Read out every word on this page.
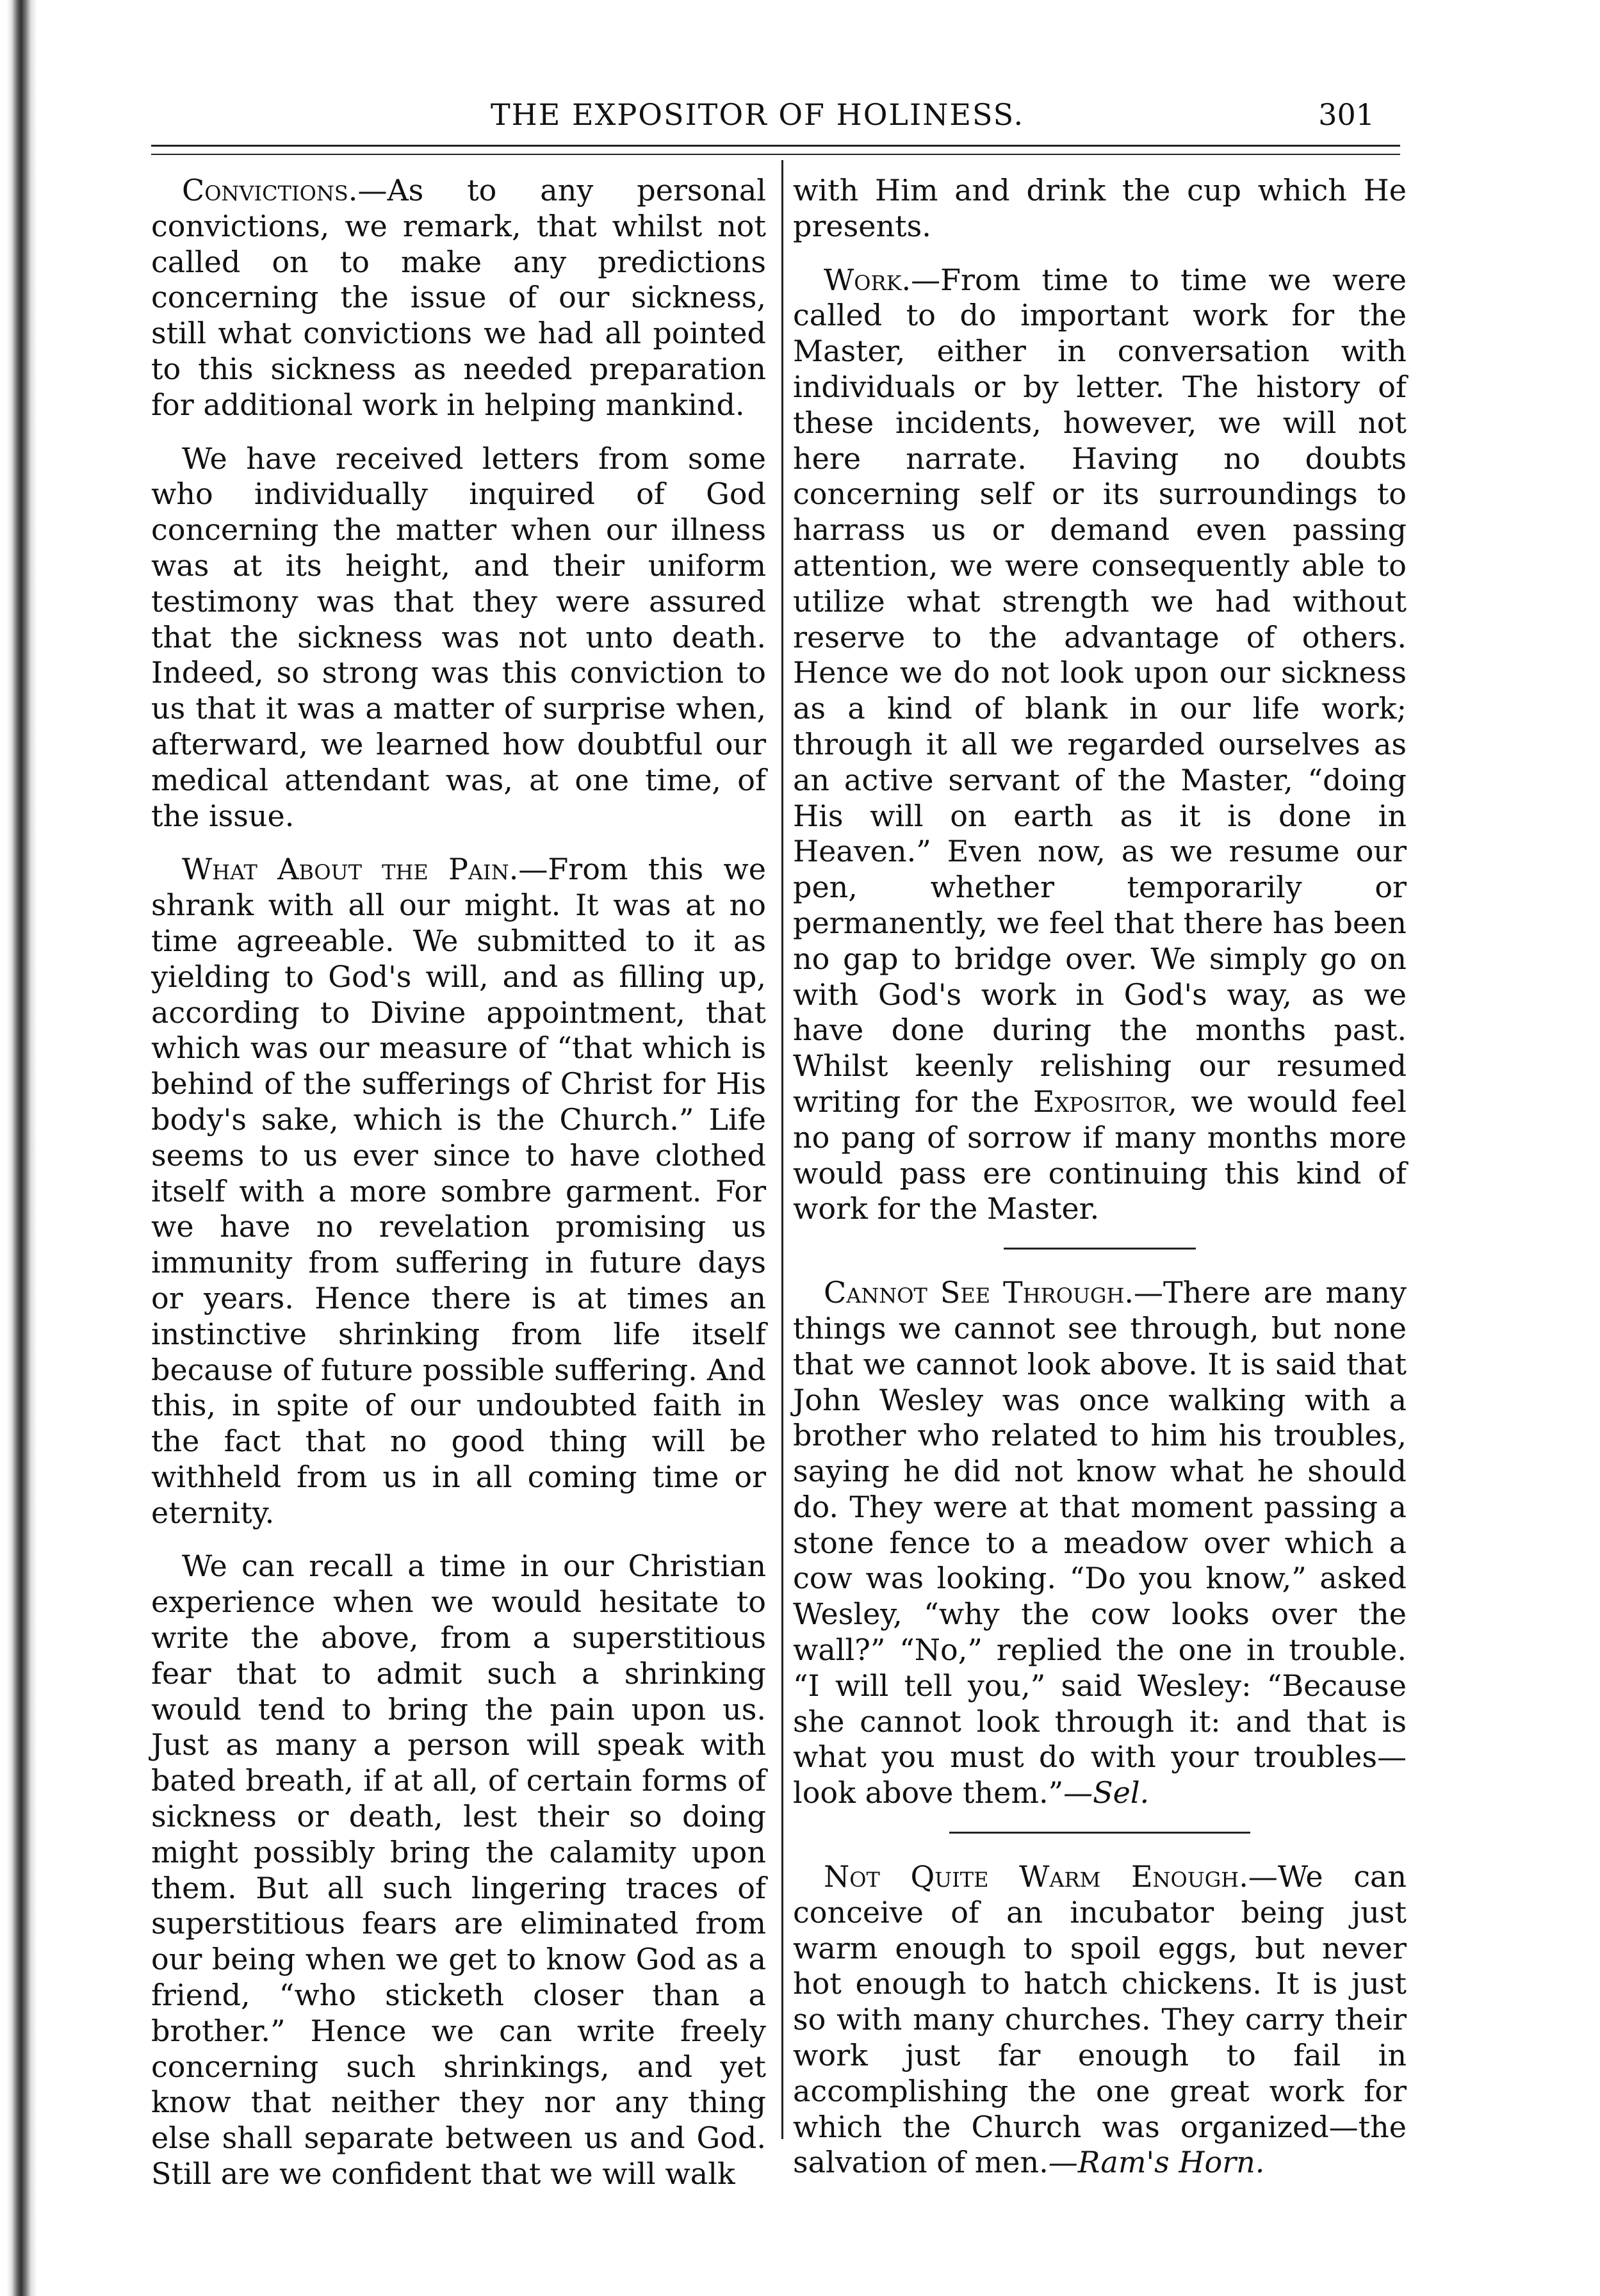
THE EXPOSITOR OF HOLINESS.	301

Convictions.—As to any personal convictions, we remark, that whilst not called on to make any predictions concerning the issue of our sickness, still what convictions we had all pointed to this sickness as needed preparation for additional work in helping mankind.

We have received letters from some who individually inquired of God concerning the matter when our illness was at its height, and their uniform testimony was that they were assured that the sickness was not unto death. Indeed, so strong was this conviction to us that it was a matter of surprise when, afterward, we learned how doubtful our medical attendant was, at one time, of the issue.

What About the Pain.—From this we shrank with all our might. It was at no time agreeable. We submitted to it as yielding to God's will, and as filling up, according to Divine appointment, that which was our measure of “that which is behind of the sufferings of Christ for His body's sake, which is the Church.” Life seems to us ever since to have clothed itself with a more sombre garment. For we have no revelation promising us immunity from suffering in future days or years. Hence there is at times an instinctive shrinking from life itself because of future possible suffering. And this, in spite of our undoubted faith in the fact that no good thing will be withheld from us in all coming time or eternity.

We can recall a time in our Christian experience when we would hesitate to write the above, from a superstitious fear that to admit such a shrinking would tend to bring the pain upon us. Just as many a person will speak with bated breath, if at all, of certain forms of sickness or death, lest their so doing might possibly bring the calamity upon them. But all such lingering traces of superstitious fears are eliminated from our being when we get to know God as a friend, “who sticketh closer than a brother.” Hence we can write freely concerning such shrinkings, and yet know that neither they nor any thing else shall separate between us and God. Still are we confident that we will walk

with Him and drink the cup which He presents.

Work.—From time to time we were called to do important work for the Master, either in conversation with individuals or by letter. The history of these incidents, however, we will not here narrate. Having no doubts concerning self or its surroundings to harrass us or demand even passing attention, we were consequently able to utilize what strength we had without reserve to the advantage of others. Hence we do not look upon our sickness as a kind of blank in our life work; through it all we regarded ourselves as an active servant of the Master, “doing His will on earth as it is done in Heaven.” Even now, as we resume our pen, whether temporarily or permanently, we feel that there has been no gap to bridge over. We simply go on with God's work in God's way, as we have done during the months past. Whilst keenly relishing our resumed writing for the Expositor, we would feel no pang of sorrow if many months more would pass ere continuing this kind of work for the Master.

Cannot See Through.—There are many things we cannot see through, but none that we cannot look above. It is said that John Wesley was once walking with a brother who related to him his troubles, saying he did not know what he should do. They were at that moment passing a stone fence to a meadow over which a cow was looking. “Do you know,” asked Wesley, “why the cow looks over the wall?” “No,” replied the one in trouble. “I will tell you,” said Wesley: “Because she cannot look through it: and that is what you must do with your troubles—look above them.”—Sel.

Not Quite Warm Enough.—We can conceive of an incubator being just warm enough to spoil eggs, but never hot enough to hatch chickens. It is just so with many churches. They carry their work just far enough to fail in accomplishing the one great work for which the Church was organized—the salvation of men.—Ram's Horn.
